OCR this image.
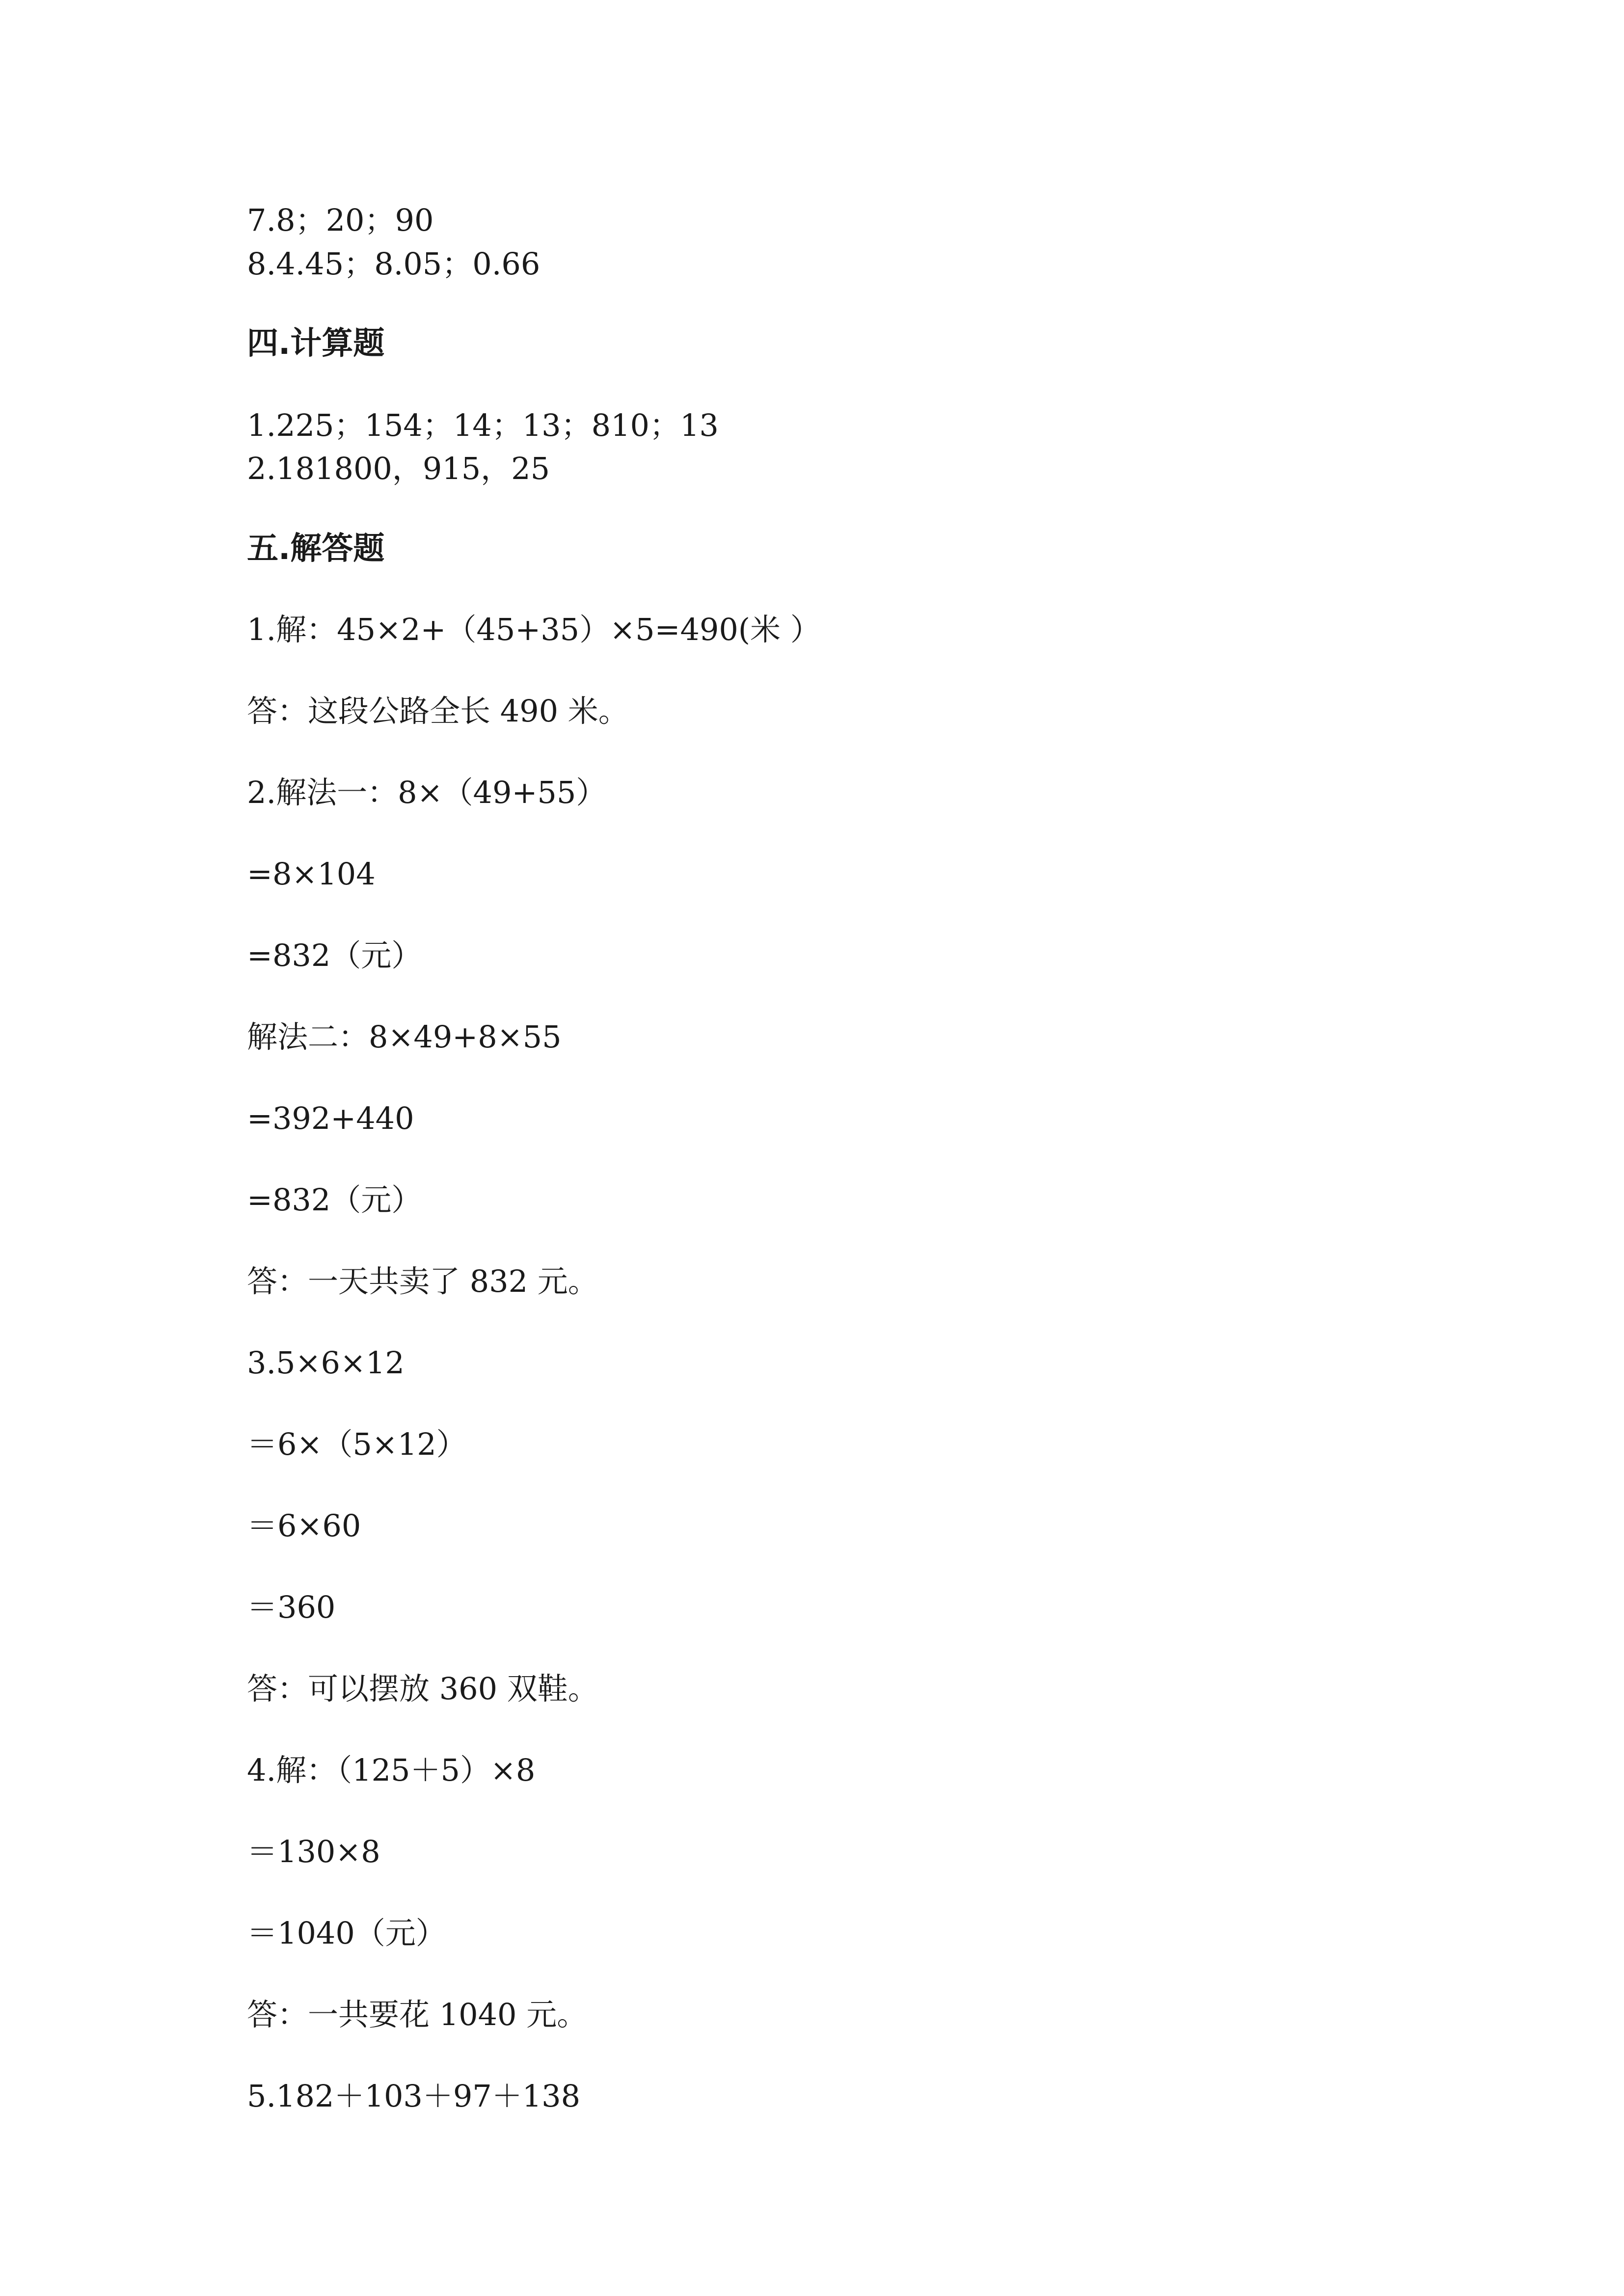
7.8；20；90
8.4.45；8.05；0.66
四.计算题
1.225；154；14；13；810；13
2.181800，915，25
五.解答题
1.解：45×2+（45+35）×5=490(米 ）
答：这段公路全长 490 米。
2.解法一：8×（49+55）
=8×104
=832（元）
解法二：8×49+8×55
=392+440
=832（元）
答：一天共卖了 832 元。
3.5×6×12
＝6×（5×12）
＝6×60
＝360
答：可以摆放 360 双鞋。
4.解：（125＋5）×8
＝130×8
＝1040（元）
答：一共要花 1040 元。
5.182＋103＋97＋138
